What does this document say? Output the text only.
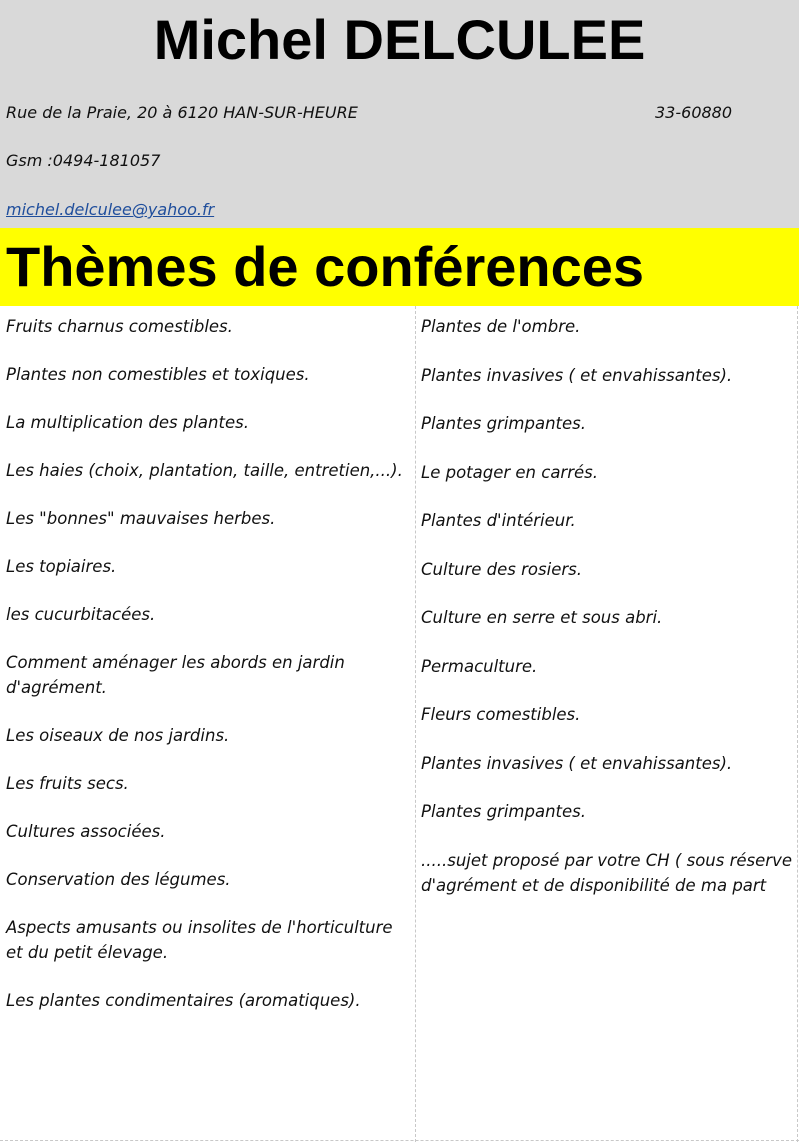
Michel DELCULEE
Rue de la Praie, 20 à 6120 HAN-SUR-HEURE	33-60880
Gsm :0494-181057
michel.delculee@yahoo.fr
Thèmes de conférences
Fruits charnus comestibles.
Plantes non comestibles et toxiques.
La multiplication des plantes.
Les haies (choix, plantation, taille, entretien,...).
Les "bonnes" mauvaises herbes.
Les topiaires.
les cucurbitacées.
Comment aménager les abords en jardin d'agrément.
Les oiseaux de nos jardins.
Les fruits secs.
Cultures associées.
Conservation des légumes.
Aspects amusants ou insolites de l'horticulture et du petit élevage.
Les plantes condimentaires (aromatiques).
Plantes de l'ombre.
Plantes invasives ( et envahissantes).
Plantes grimpantes.
Le potager en carrés.
Plantes d'intérieur.
Culture des rosiers.
Culture en serre et sous abri.
Permaculture.
Fleurs comestibles.
Plantes invasives ( et envahissantes).
Plantes grimpantes.
.....sujet proposé par votre CH ( sous réserve d'agrément et de disponibilité de ma part
